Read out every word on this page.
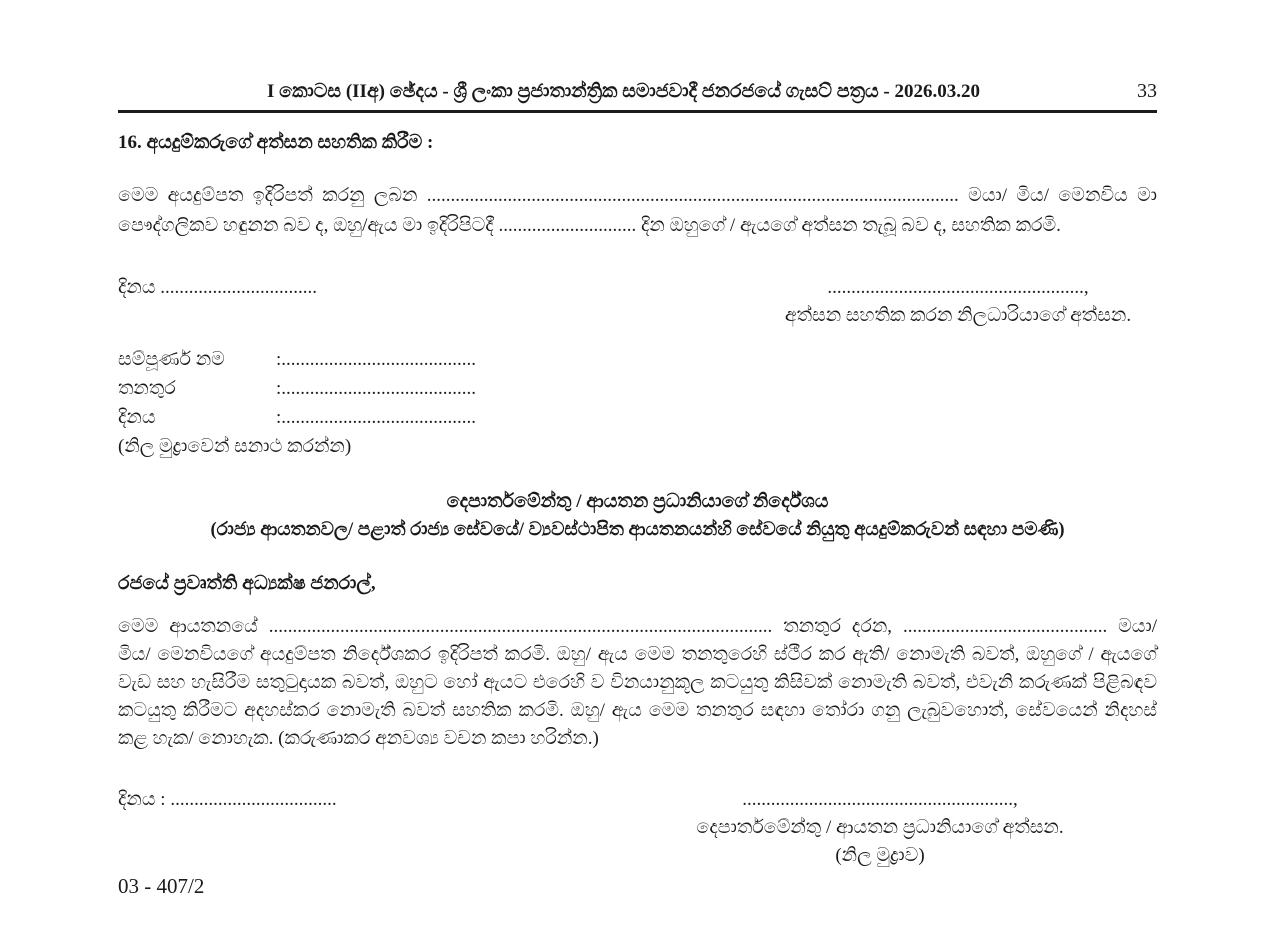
I කොටස (IIඅ) ඡේදය - ශ්‍රී ලංකා ප්‍රජාතාන්ත්‍රික සමාජවාදී ජනරජයේ ගැසට් පත්‍රය - 2026.03.20	33
16. අයදුම්කරුගේ අත්සන සහතික කිරීම :

මෙම අයදුම්පත ඉදිරිපත් කරනු ලබන ................................................................................................................ මයා/ මිය/ මෙනවිය මා පෞද්ගලිකව හඳුනන බව ද, ඔහු/ඇය මා ඉදිරිපිටදී ............................. දින ඔහුගේ / ඇයගේ අත්සන තැබූ බව ද, සහතික කරමි.

දිනය .................................	......................................................,
අත්සන සහතික කරන නිලධාරියාගේ අත්සන.
සම්පූර්ණ නම	:.........................................
තනතුර	:.........................................
දිනය	:.........................................
(නිල මුද්‍රාවෙන් සනාථ කරන්න)
දෙපාර්තමේන්තු / ආයතන ප්‍රධානියාගේ නිර්දේශය
(රාජ්‍ය ආයතනවල/ පළාත් රාජ්‍ය සේවයේ/ ව්‍යවස්ථාපිත ආයතනයන්හි සේවයේ නියුතු අයදුම්කරුවන් සඳහා පමණි)
රජයේ ප්‍රවෘත්ති අධ්‍යක්ෂ ජනරාල්,

මෙම ආයතනයේ .......................................................................................................... තනතුර දරන, ........................................... මයා/ මිය/ මෙනවියගේ අයදුම්පත නිර්දේශකර ඉදිරිපත් කරමි. ඔහු/ ඇය මෙම තනතුරෙහි ස්ථීර කර ඇති/ නොමැති බවත්, ඔහුගේ / ඇයගේ වැඩ සහ හැසිරීම සතුටුදායක බවත්, ඔහුට හෝ ඇයට එරෙහි ව විනයානුකූල කටයුතු කිසිවක් නොමැති බවත්, එවැනි කරුණක් පිළිබඳව කටයුතු කිරීමට අදහස්කර නොමැති බවත් සහතික කරමි. ඔහු/ ඇය මෙම තනතුර සඳහා තෝරා ගනු ලැබුවහොත්, සේවයෙන් නිදහස් කළ හැක/ නොහැක. (කරුණාකර අනවශ්‍ය වචන කපා හරින්න.)

දිනය : ...................................	.........................................................,
දෙපාර්තමේන්තු / ආයතන ප්‍රධානියාගේ අත්සන.
(නිල මුද්‍රාව)
03 - 407/2
